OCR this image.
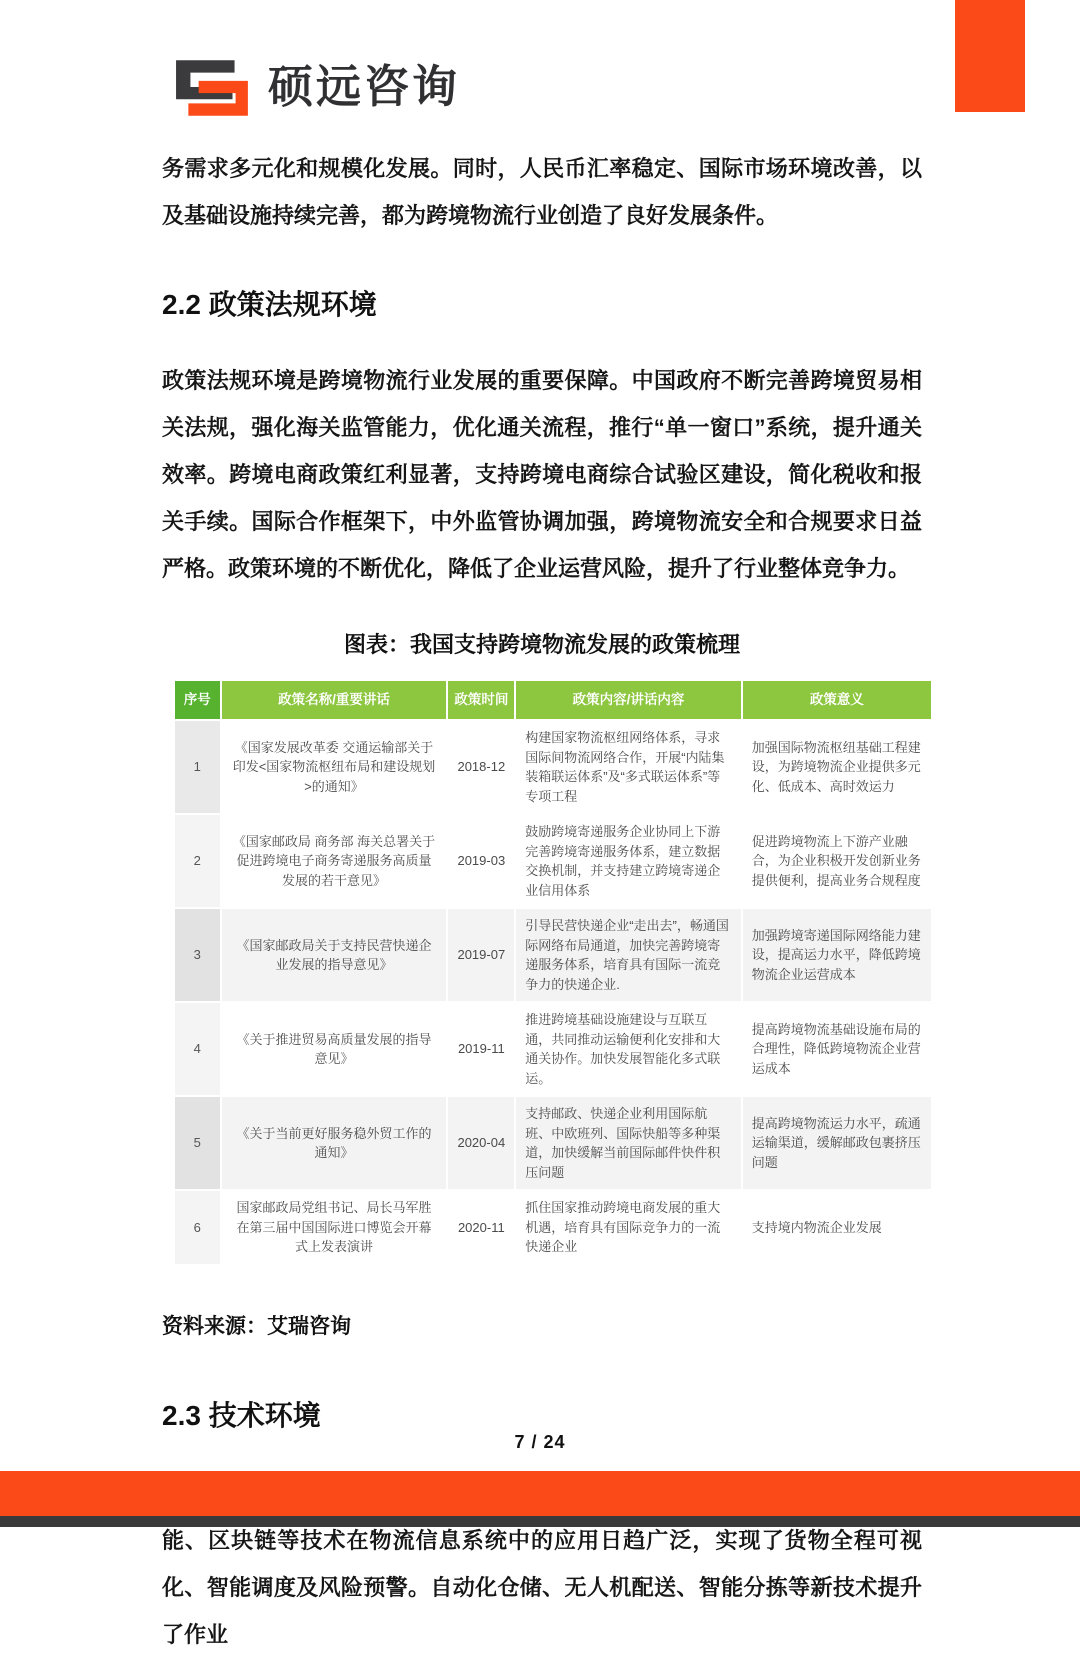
硕远咨询

务需求多元化和规模化发展。同时，人民币汇率稳定、国际市场环境改善，以及基础设施持续完善，都为跨境物流行业创造了良好发展条件。

2.2 政策法规环境

政策法规环境是跨境物流行业发展的重要保障。中国政府不断完善跨境贸易相关法规，强化海关监管能力，优化通关流程，推行“单一窗口”系统，提升通关效率。跨境电商政策红利显著，支持跨境电商综合试验区建设，简化税收和报关手续。国际合作框架下，中外监管协调加强，跨境物流安全和合规要求日益严格。政策环境的不断优化，降低了企业运营风险，提升了行业整体竞争力。

图表：我国支持跨境物流发展的政策梳理
序号	政策名称/重要讲话	政策时间	政策内容/讲话内容	政策意义
1	《国家发展改革委 交通运输部关于印发<国家物流枢纽布局和建设规划>的通知》	2018-12	构建国家物流枢纽网络体系，寻求国际间物流网络合作，开展“内陆集装箱联运体系”及“多式联运体系”等专项工程	加强国际物流枢纽基础工程建设，为跨境物流企业提供多元化、低成本、高时效运力
2	《国家邮政局 商务部 海关总署关于促进跨境电子商务寄递服务高质量发展的若干意见》	2019-03	鼓励跨境寄递服务企业协同上下游完善跨境寄递服务体系，建立数据交换机制，并支持建立跨境寄递企业信用体系	促进跨境物流上下游产业融合，为企业积极开发创新业务提供便利，提高业务合规程度
3	《国家邮政局关于支持民营快递企业发展的指导意见》	2019-07	引导民营快递企业“走出去”，畅通国际网络布局通道，加快完善跨境寄递服务体系，培育具有国际一流竞争力的快递企业.	加强跨境寄递国际网络能力建设，提高运力水平，降低跨境物流企业运营成本
4	《关于推进贸易高质量发展的指导意见》	2019-11	推进跨境基础设施建设与互联互通，共同推动运输便利化安排和大通关协作。加快发展智能化多式联运。	提高跨境物流基础设施布局的合理性，降低跨境物流企业营运成本
5	《关于当前更好服务稳外贸工作的通知》	2020-04	支持邮政、快递企业利用国际航班、中欧班列、国际快船等多种渠道，加快缓解当前国际邮件快件积压问题	提高跨境物流运力水平，疏通运输渠道，缓解邮政包裹挤压问题
6	国家邮政局党组书记、局长马军胜在第三届中国国际进口博览会开幕式上发表演讲	2020-11	抓住国家推动跨境电商发展的重大机遇，培育具有国际竞争力的一流快递企业	支持境内物流企业发展
资料来源：艾瑞咨询
2.3 技术环境

能、区块链等技术在物流信息系统中的应用日趋广泛，实现了货物全程可视化、智能调度及风险预警。自动化仓储、无人机配送、智能分拣等新技术提升了作业

7 / 24
